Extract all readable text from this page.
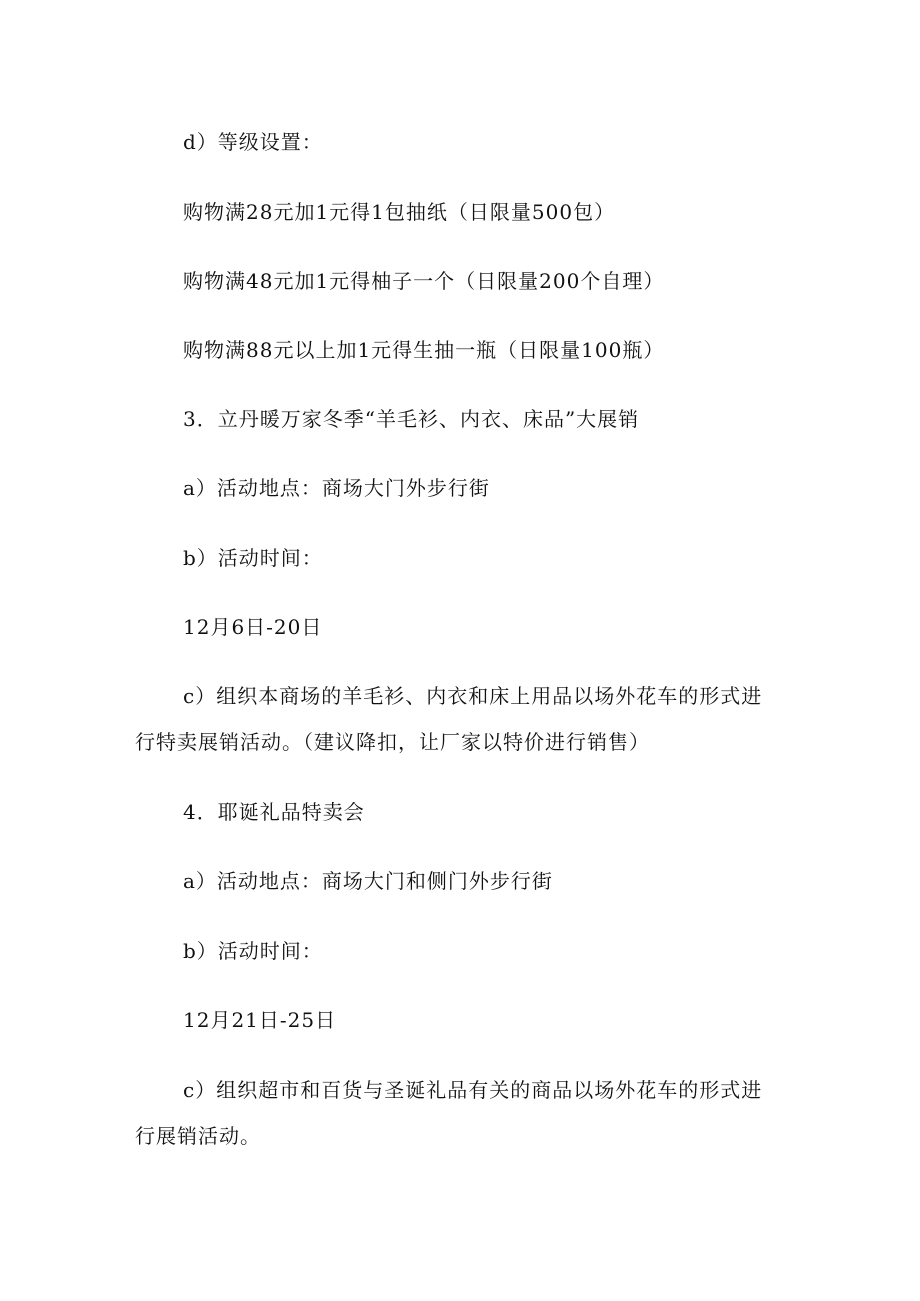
d）等级设置：

购物满28元加1元得1包抽纸（日限量500包）

购物满48元加1元得柚子一个（日限量200个自理）

购物满88元以上加1元得生抽一瓶（日限量100瓶）

3．立丹暖万家冬季“羊毛衫、内衣、床品”大展销

a）活动地点：商场大门外步行街

b）活动时间：

12月6日-20日

c）组织本商场的羊毛衫、内衣和床上用品以场外花车的形式进

行特卖展销活动。（建议降扣，让厂家以特价进行销售）

4．耶诞礼品特卖会

a）活动地点：商场大门和侧门外步行街

b）活动时间：

12月21日-25日

c）组织超市和百货与圣诞礼品有关的商品以场外花车的形式进

行展销活动。
